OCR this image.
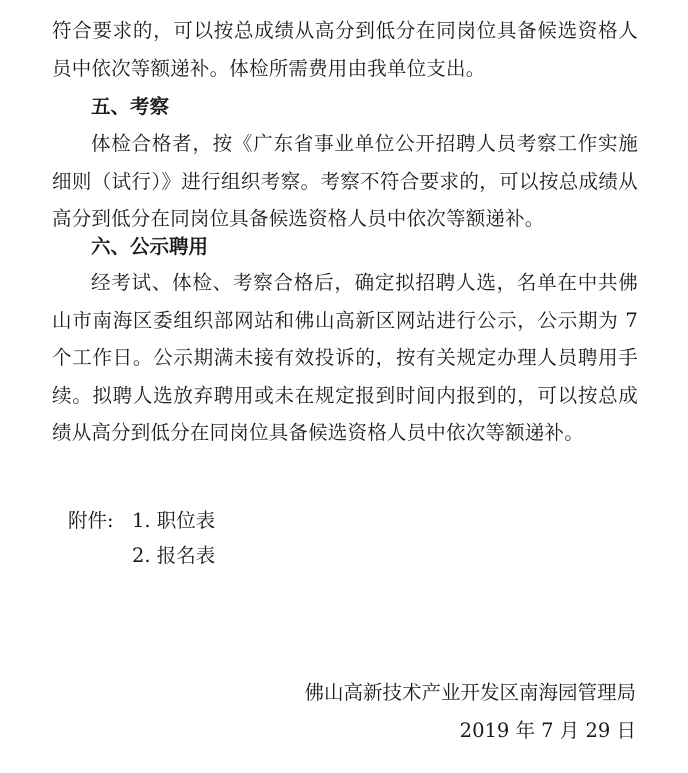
符合要求的，可以按总成绩从高分到低分在同岗位具备候选资格人员中依次等额递补。体检所需费用由我单位支出。

五、考察

体检合格者，按《广东省事业单位公开招聘人员考察工作实施细则（试行）》进行组织考察。考察不符合要求的，可以按总成绩从高分到低分在同岗位具备候选资格人员中依次等额递补。

六、公示聘用

经考试、体检、考察合格后，确定拟招聘人选，名单在中共佛山市南海区委组织部网站和佛山高新区网站进行公示，公示期为 7 个工作日。公示期满未接有效投诉的，按有关规定办理人员聘用手续。拟聘人选放弃聘用或未在规定报到时间内报到的，可以按总成绩从高分到低分在同岗位具备候选资格人员中依次等额递补。

附件: 1. 职位表
2. 报名表
佛山高新技术产业开发区南海园管理局
2019 年 7 月 29 日
